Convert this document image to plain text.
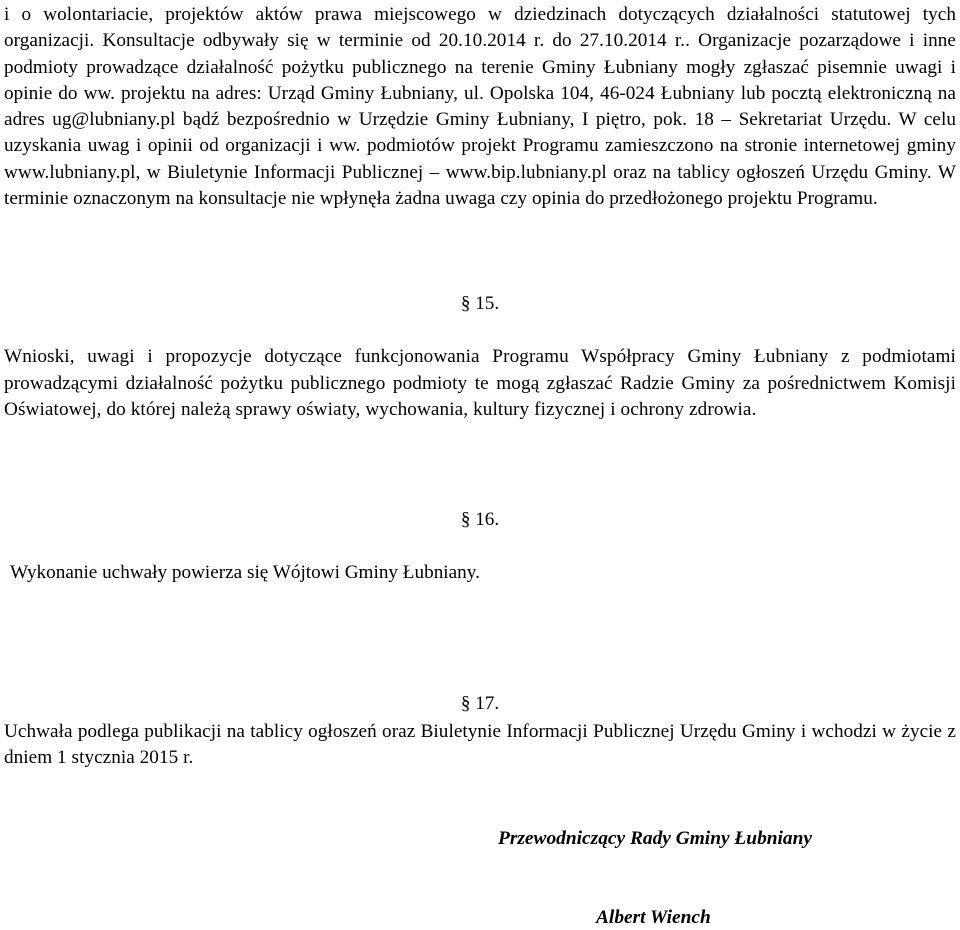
i o wolontariacie, projektów aktów prawa miejscowego w dziedzinach dotyczących działalności statutowej tych organizacji. Konsultacje odbywały się w terminie od 20.10.2014 r. do 27.10.2014 r.. Organizacje pozarządowe i inne podmioty prowadzące działalność pożytku publicznego na terenie Gminy Łubniany mogły zgłaszać pisemnie uwagi i opinie do ww. projektu na adres: Urząd Gminy Łubniany, ul. Opolska 104, 46-024 Łubniany lub pocztą elektroniczną na adres ug@lubniany.pl bądź bezpośrednio w Urzędzie Gminy Łubniany, I piętro, pok. 18 – Sekretariat Urzędu. W celu uzyskania uwag i opinii od organizacji i ww. podmiotów projekt Programu zamieszczono na stronie internetowej gminy www.lubniany.pl, w Biuletynie Informacji Publicznej – www.bip.lubniany.pl oraz na tablicy ogłoszeń Urzędu Gminy. W terminie oznaczonym na konsultacje nie wpłynęła żadna uwaga czy opinia do przedłożonego projektu Programu.

§ 15.

Wnioski, uwagi i propozycje dotyczące funkcjonowania Programu Współpracy Gminy Łubniany z podmiotami prowadzącymi działalność pożytku publicznego podmioty te mogą zgłaszać Radzie Gminy za pośrednictwem Komisji Oświatowej, do której należą sprawy oświaty, wychowania, kultury fizycznej i ochrony zdrowia.

§ 16.

Wykonanie uchwały powierza się Wójtowi Gminy Łubniany.

§ 17.

Uchwała podlega publikacji na tablicy ogłoszeń oraz Biuletynie Informacji Publicznej Urzędu Gminy i wchodzi w życie z dniem 1 stycznia 2015 r.

Przewodniczący Rady Gminy Łubniany

Albert Wiench
